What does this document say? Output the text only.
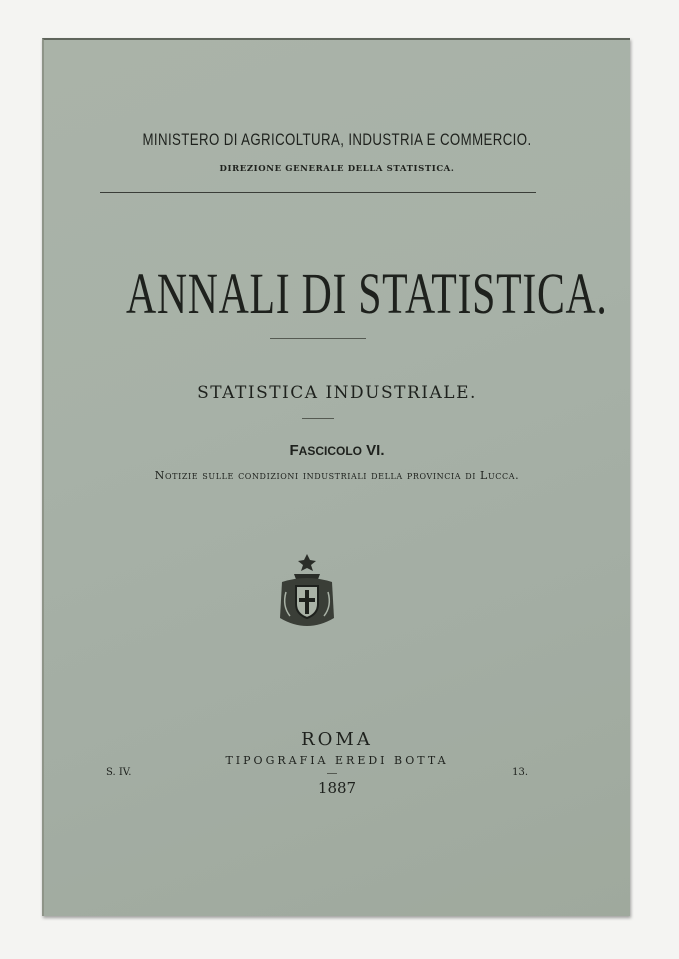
MINISTERO DI AGRICOLTURA, INDUSTRIA E COMMERCIO.
DIREZIONE GENERALE DELLA STATISTICA.
ANNALI DI STATISTICA.
STATISTICA INDUSTRIALE.
FASCICOLO VI.
Notizie sulle condizioni industriali della provincia di Lucca.
ROMA
TIPOGRAFIA EREDI BOTTA
1887
S. IV.	13.
